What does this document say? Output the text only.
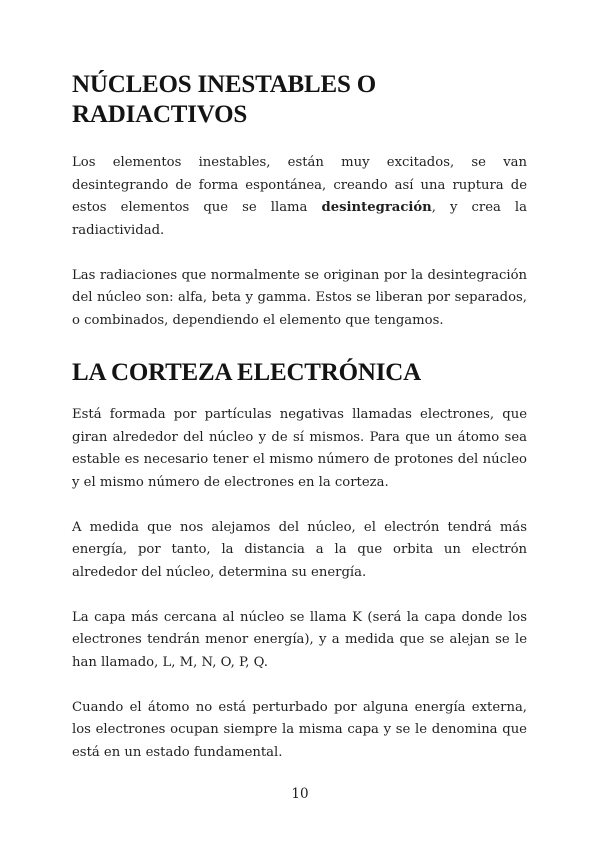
NÚCLEOS INESTABLES O RADIACTIVOS

Los elementos inestables, están muy excitados, se van desintegrando de forma espontánea, creando así una ruptura de estos elementos que se llama desintegración, y crea la radiactividad.

Las radiaciones que normalmente se originan por la desintegración del núcleo son: alfa, beta y gamma. Estos se liberan por separados, o combinados, dependiendo el elemento que tengamos.

LA CORTEZA ELECTRÓNICA

Está formada por partículas negativas llamadas electrones, que giran alrededor del núcleo y de sí mismos. Para que un átomo sea estable es necesario tener el mismo número de protones del núcleo y el mismo número de electrones en la corteza.

A medida que nos alejamos del núcleo, el electrón tendrá más energía, por tanto, la distancia a la que orbita un electrón alrededor del núcleo, determina su energía.

La capa más cercana al núcleo se llama K (será la capa donde los electrones tendrán menor energía), y a medida que se alejan se le han llamado, L, M, N, O, P, Q.

Cuando el átomo no está perturbado por alguna energía externa, los electrones ocupan siempre la misma capa y se le denomina que está en un estado fundamental.

10
